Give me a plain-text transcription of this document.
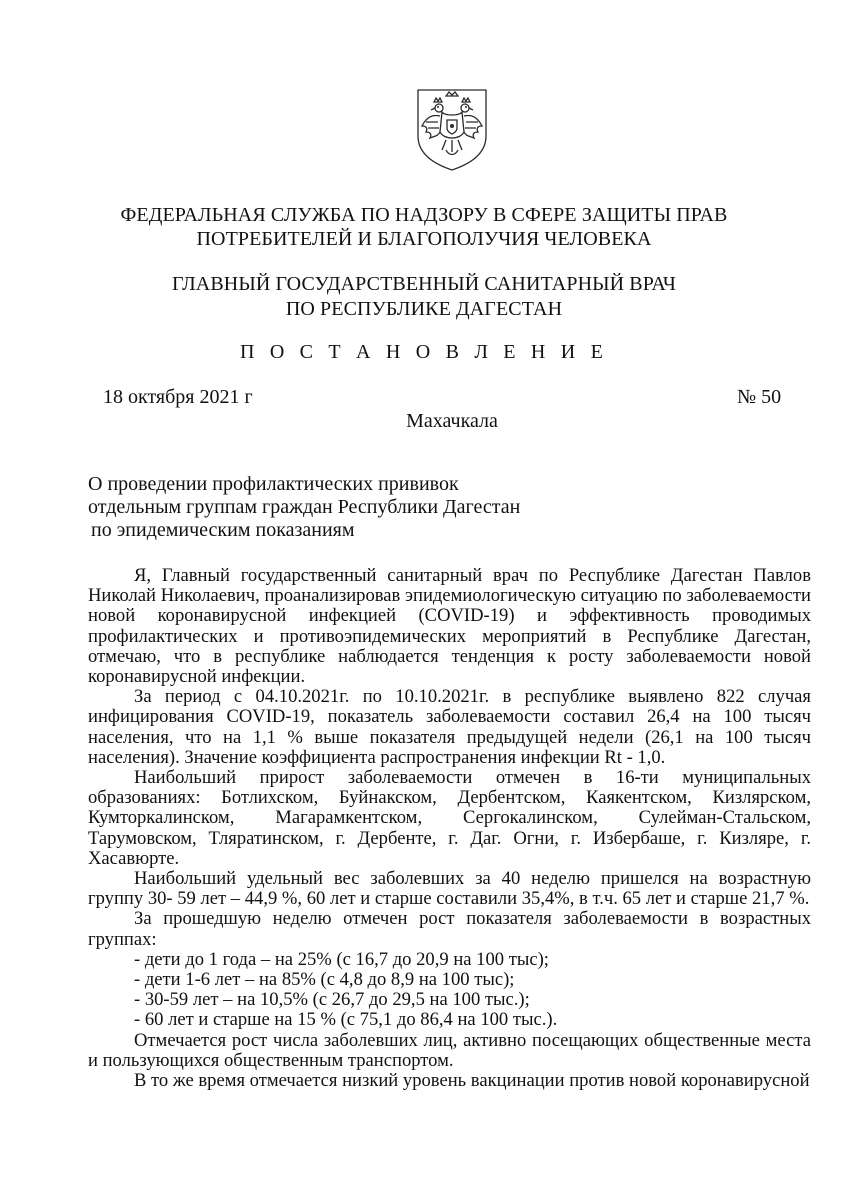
ФЕДЕРАЛЬНАЯ СЛУЖБА ПО НАДЗОРУ В СФЕРЕ ЗАЩИТЫ ПРАВ
ПОТРЕБИТЕЛЕЙ И БЛАГОПОЛУЧИЯ ЧЕЛОВЕКА
ГЛАВНЫЙ ГОСУДАРСТВЕННЫЙ САНИТАРНЫЙ ВРАЧ
ПО РЕСПУБЛИКЕ ДАГЕСТАН
П О С Т А Н О В Л Е Н И Е
18 октября 2021 г	№ 50
Махачкала
О проведении профилактических прививок
отдельным группам граждан Республики Дагестан
по эпидемическим показаниям

Я, Главный государственный санитарный врач по Республике Дагестан Павлов Николай Николаевич, проанализировав эпидемиологическую ситуацию по заболеваемости новой коронавирусной инфекцией (COVID-19) и эффективность проводимых профилактических и противоэпидемических мероприятий в Республике Дагестан, отмечаю, что в республике наблюдается тенденция к росту заболеваемости новой коронавирусной инфекции.

За период с 04.10.2021г. по 10.10.2021г. в республике выявлено 822 случая инфицирования COVID-19, показатель заболеваемости составил 26,4 на 100 тысяч населения, что на 1,1 % выше показателя предыдущей недели (26,1 на 100 тысяч населения). Значение коэффициента распространения инфекции Rt - 1,0.

Наибольший прирост заболеваемости отмечен в 16-ти муниципальных образованиях: Ботлихском, Буйнакском, Дербентском, Каякентском, Кизлярском, Кумторкалинском, Магарамкентском, Сергокалинском, Сулейман-Стальском, Тарумовском, Тляратинском, г. Дербенте, г. Даг. Огни, г. Избербаше, г. Кизляре, г. Хасавюрте.

Наибольший удельный вес заболевших за 40 неделю пришелся на возрастную группу 30- 59 лет – 44,9 %, 60 лет и старше составили 35,4%, в т.ч. 65 лет и старше 21,7 %.

За прошедшую неделю отмечен рост показателя заболеваемости в возрастных группах:

- дети до 1 года – на 25% (с 16,7 до 20,9 на 100 тыс);

- дети 1-6 лет – на 85% (с 4,8 до 8,9 на 100 тыс);

- 30-59 лет – на 10,5% (с 26,7 до 29,5 на 100 тыс.);

- 60 лет и старше на 15 % (с 75,1 до 86,4 на 100 тыс.).

Отмечается рост числа заболевших лиц, активно посещающих общественные места и пользующихся общественным транспортом.

В то же время отмечается низкий уровень вакцинации против новой коронавирусной
